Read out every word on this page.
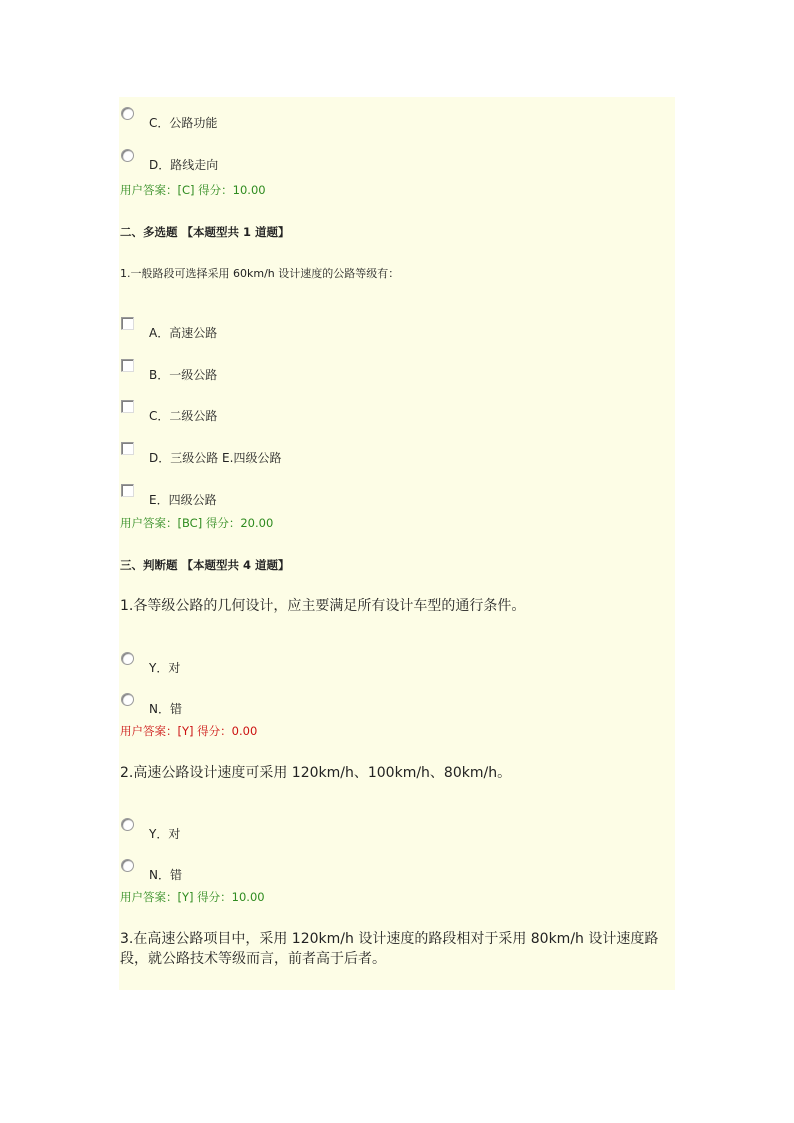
C．公路功能
D．路线走向
用户答案：[C] 得分：10.00
二、多选题 【本题型共 1 道题】
1.一般路段可选择采用 60km/h 设计速度的公路等级有：
A．高速公路
B．一级公路
C．二级公路
D．三级公路 E.四级公路
E．四级公路
用户答案：[BC] 得分：20.00
三、判断题 【本题型共 4 道题】
1.各等级公路的几何设计，应主要满足所有设计车型的通行条件。
Y．对
N．错
用户答案：[Y] 得分：0.00
2.高速公路设计速度可采用 120km/h、100km/h、80km/h。
Y．对
N．错
用户答案：[Y] 得分：10.00
3.在高速公路项目中，采用 120km/h 设计速度的路段相对于采用 80km/h 设计速度路段，就公路技术等级而言，前者高于后者。
